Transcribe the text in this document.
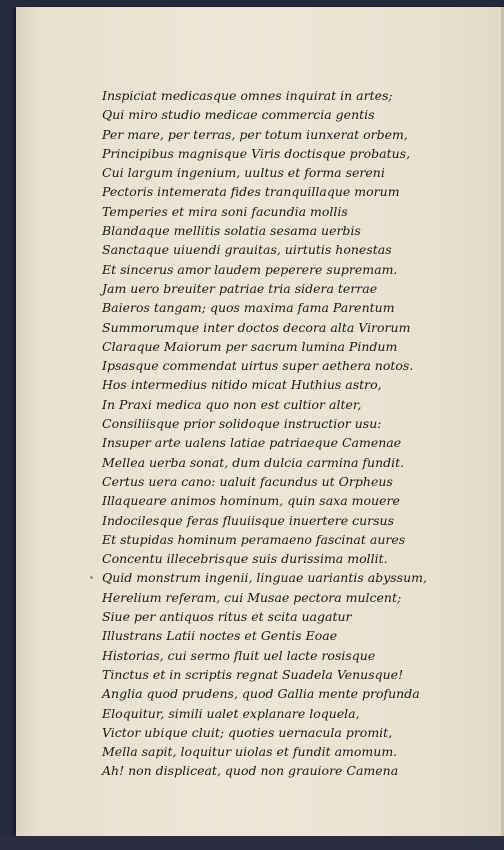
Inspiciat medicasque omnes inquirat in artes;
Qui miro studio medicae commercia gentis
Per mare, per terras, per totum iunxerat orbem,
Principibus magnisque Viris doctisque probatus,
Cui largum ingenium, uultus et forma sereni
Pectoris intemerata fides tranquillaque morum
Temperies et mira soni facundia mollis
Blandaque mellitis solatia sesama uerbis
Sanctaque uiuendi grauitas, uirtutis honestas
Et sincerus amor laudem peperere supremam.
Jam uero breuiter patriae tria sidera terrae
Baieros tangam; quos maxima fama Parentum
Summorumque inter doctos decora alta Virorum
Claraque Maiorum per sacrum lumina Pindum
Ipsasque commendat uirtus super aethera notos.
Hos intermedius nitido micat Huthius astro,
In Praxi medica quo non est cultior alter,
Consiliisque prior solidoque instructior usu:
Insuper arte ualens latiae patriaeque Camenae
Mellea uerba sonat, dum dulcia carmina fundit.
Certus uera cano: ualuit facundus ut Orpheus
Illaqueare animos hominum, quin saxa mouere
Indocilesque feras fluuiisque inuertere cursus
Et stupidas hominum peramaeno fascinat aures
Concentu illecebrisque suis durissima mollit.
Quid monstrum ingenii, linguae uariantis abyssum,
Herelium referam, cui Musae pectora mulcent;
Siue per antiquos ritus et scita uagatur
Illustrans Latii noctes et Gentis Eoae
Historias, cui sermo fluit uel lacte rosisque
Tinctus et in scriptis regnat Suadela Venusque!
Anglia quod prudens, quod Gallia mente profunda
Eloquitur, simili ualet explanare loquela,
Victor ubique cluit; quoties uernacula promit,
Mella sapit, loquitur uiolas et fundit amomum.
Ah! non displiceat, quod non grauiore Camena
